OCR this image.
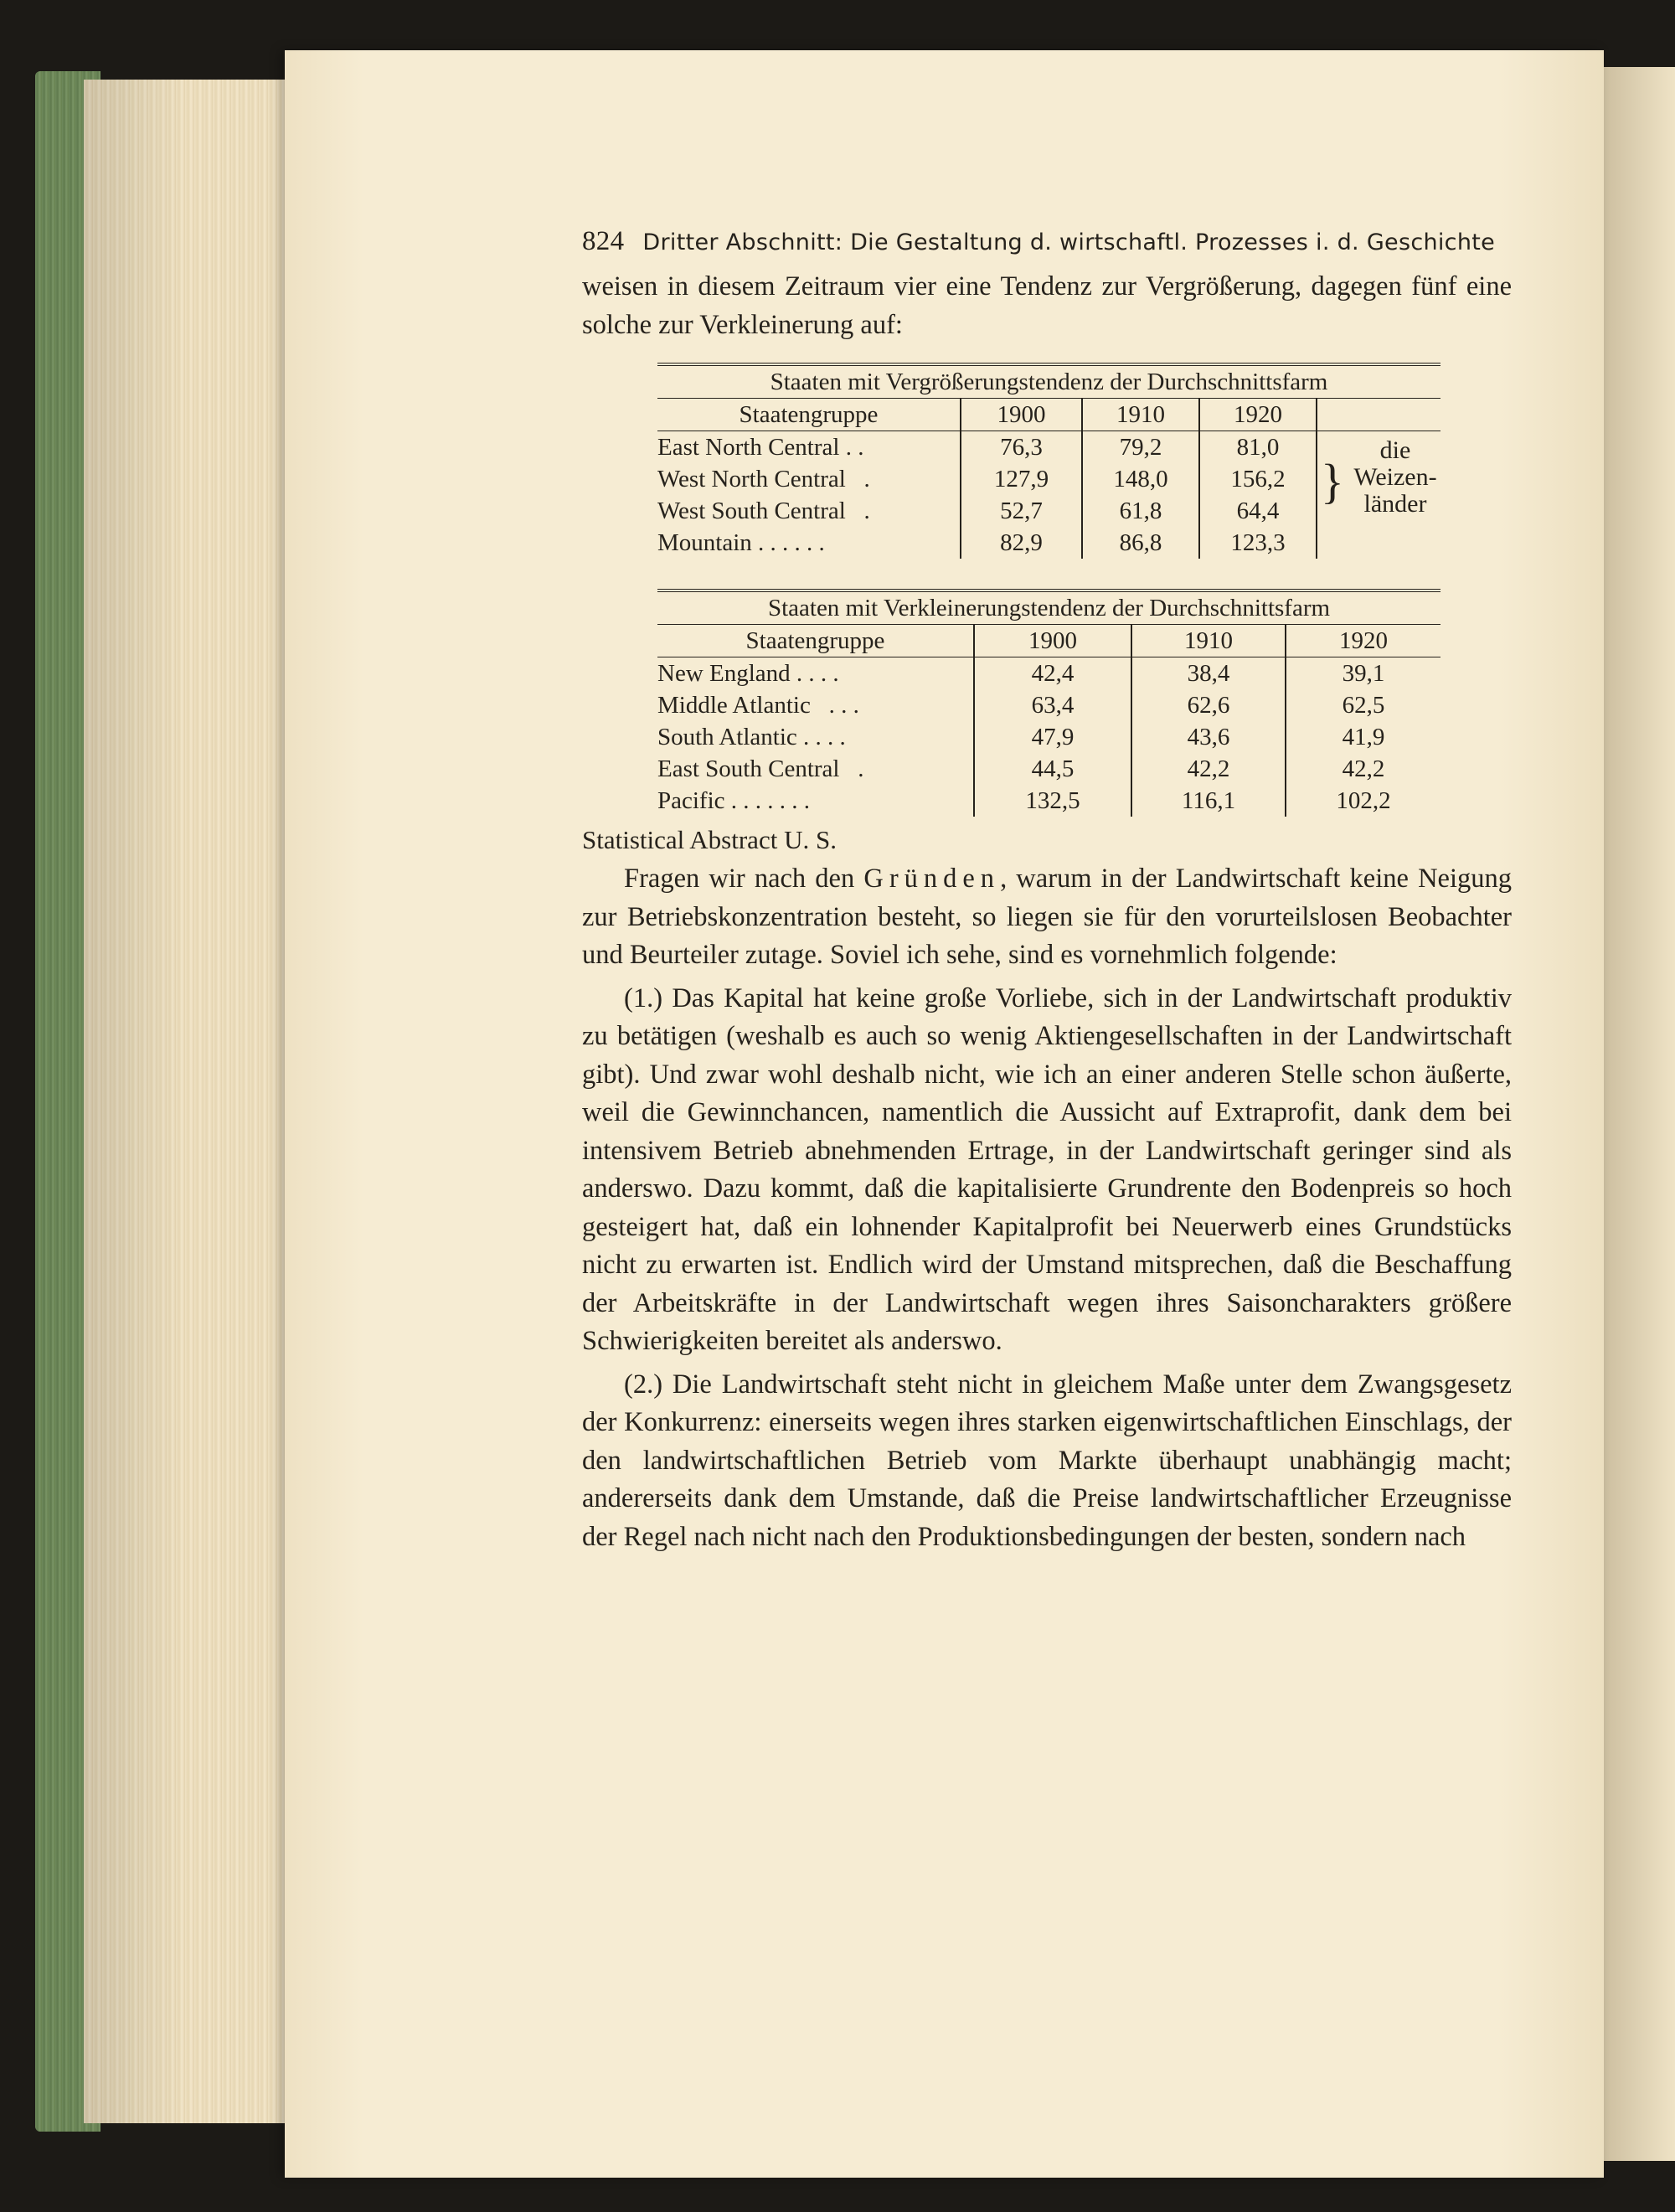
824 Dritter Abschnitt: Die Gestaltung d. wirtschaftl. Prozesses i. d. Geschichte

weisen in diesem Zeitraum vier eine Tendenz zur Vergrößerung, dagegen fünf eine solche zur Verkleinerung auf:

Staaten mit Vergrößerungstendenz der Durchschnittsfarm				
Staatengruppe	1900	1910	1920	
East North Central . .	76,3	79,2	81,0	}
die
Weizen-
länder

West North Central   .	127,9	148,0	156,2	
West South Central   .	52,7	61,8	64,4	
Mountain . . . . . .	82,9	86,8	123,3	
Staaten mit Verkleinerungstendenz der Durchschnittsfarm			
Staatengruppe	1900	1910	1920
New England . . . .	42,4	38,4	39,1
Middle Atlantic   . . .	63,4	62,6	62,5
South Atlantic . . . .	47,9	43,6	41,9
East South Central   .	44,5	42,2	42,2
Pacific . . . . . . .	132,5	116,1	102,2
Statistical Abstract U. S.

Fragen wir nach den Gründen, warum in der Landwirtschaft keine Neigung zur Betriebskonzentration besteht, so liegen sie für den vorurteilslosen Beobachter und Beurteiler zutage. Soviel ich sehe, sind es vornehmlich folgende:

(1.) Das Kapital hat keine große Vorliebe, sich in der Landwirtschaft produktiv zu betätigen (weshalb es auch so wenig Aktiengesellschaften in der Landwirtschaft gibt). Und zwar wohl deshalb nicht, wie ich an einer anderen Stelle schon äußerte, weil die Gewinnchancen, namentlich die Aussicht auf Extraprofit, dank dem bei intensivem Betrieb abnehmenden Ertrage, in der Landwirtschaft geringer sind als anderswo. Dazu kommt, daß die kapitalisierte Grundrente den Bodenpreis so hoch gesteigert hat, daß ein lohnender Kapitalprofit bei Neuerwerb eines Grundstücks nicht zu erwarten ist. Endlich wird der Umstand mitsprechen, daß die Beschaffung der Arbeitskräfte in der Landwirtschaft wegen ihres Saisoncharakters größere Schwierigkeiten bereitet als anderswo.

(2.) Die Landwirtschaft steht nicht in gleichem Maße unter dem Zwangsgesetz der Konkurrenz: einerseits wegen ihres starken eigenwirtschaftlichen Einschlags, der den landwirtschaftlichen Betrieb vom Markte überhaupt unabhängig macht; andererseits dank dem Umstande, daß die Preise landwirtschaftlicher Erzeugnisse der Regel nach nicht nach den Produktionsbedingungen der besten, sondern nach
